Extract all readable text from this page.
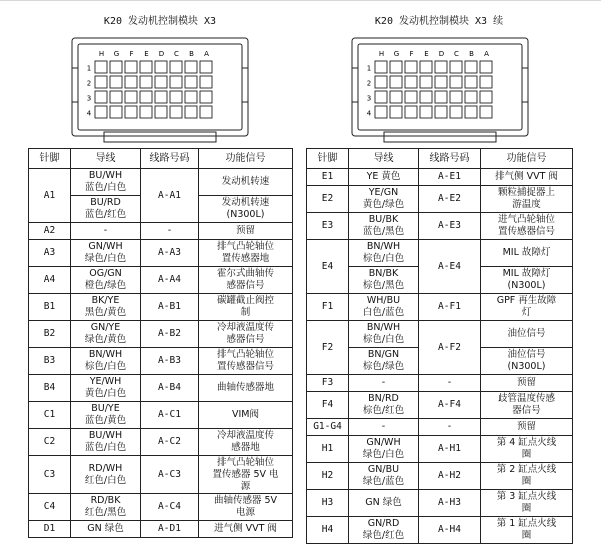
K20 发动机控制模块 X3
H G F E D C B A
1
2
3
4
针脚	导线	线路号码	功能信号
A1	BU/WH
蓝色/白色	A-A1	发动机转速
	BU/RD
蓝色/红色		发动机转速
(N300L)
A2	-	-	预留
A3	GN/WH
绿色/白色	A-A3	排气凸轮轴位
置传感器地
A4	OG/GN
橙色/绿色	A-A4	霍尔式曲轴传
感器信号
B1	BK/YE
黑色/黄色	A-B1	碳罐截止阀控
制
B2	GN/YE
绿色/黄色	A-B2	冷却液温度传
感器信号
B3	BN/WH
棕色/白色	A-B3	排气凸轮轴位
置传感器信号
B4	YE/WH
黄色/白色	A-B4	曲轴传感器地
C1	BU/YE
蓝色/黄色	A-C1	VIM阀
C2	BU/WH
蓝色/白色	A-C2	冷却液温度传
感器地
C3	RD/WH
红色/白色	A-C3	排气凸轮轴位
置传感器 5V 电
源
C4	RD/BK
红色/黑色	A-C4	曲轴传感器 5V
电源
D1	GN 绿色	A-D1	进气侧 VVT 阀
K20 发动机控制模块 X3 续
H G F E D C B A
1
2
3
4
针脚	导线	线路号码	功能信号
E1	YE 黄色	A-E1	排气侧 VVT 阀
E2	YE/GN
黄色/绿色	A-E2	颗粒捕捉器上
游温度
E3	BU/BK
蓝色/黑色	A-E3	进气凸轮轴位
置传感器信号
E4	BN/WH
棕色/白色	A-E4	MIL 故障灯
	BN/BK
棕色/黑色		MIL 故障灯
(N300L)
F1	WH/BU
白色/蓝色	A-F1	GPF 再生故障
灯
F2	BN/WH
棕色/白色	A-F2	油位信号
	BN/GN
棕色/绿色		油位信号
(N300L)
F3	-	-	预留
F4	BN/RD
棕色/红色	A-F4	歧管温度传感
器信号
G1-G4	-	-	预留
H1	GN/WH
绿色/白色	A-H1	第 4 缸点火线
圈
H2	GN/BU
绿色/蓝色	A-H2	第 2 缸点火线
圈
H3	GN 绿色	A-H3	第 3 缸点火线
圈
H4	GN/RD
绿色/红色	A-H4	第 1 缸点火线
圈
